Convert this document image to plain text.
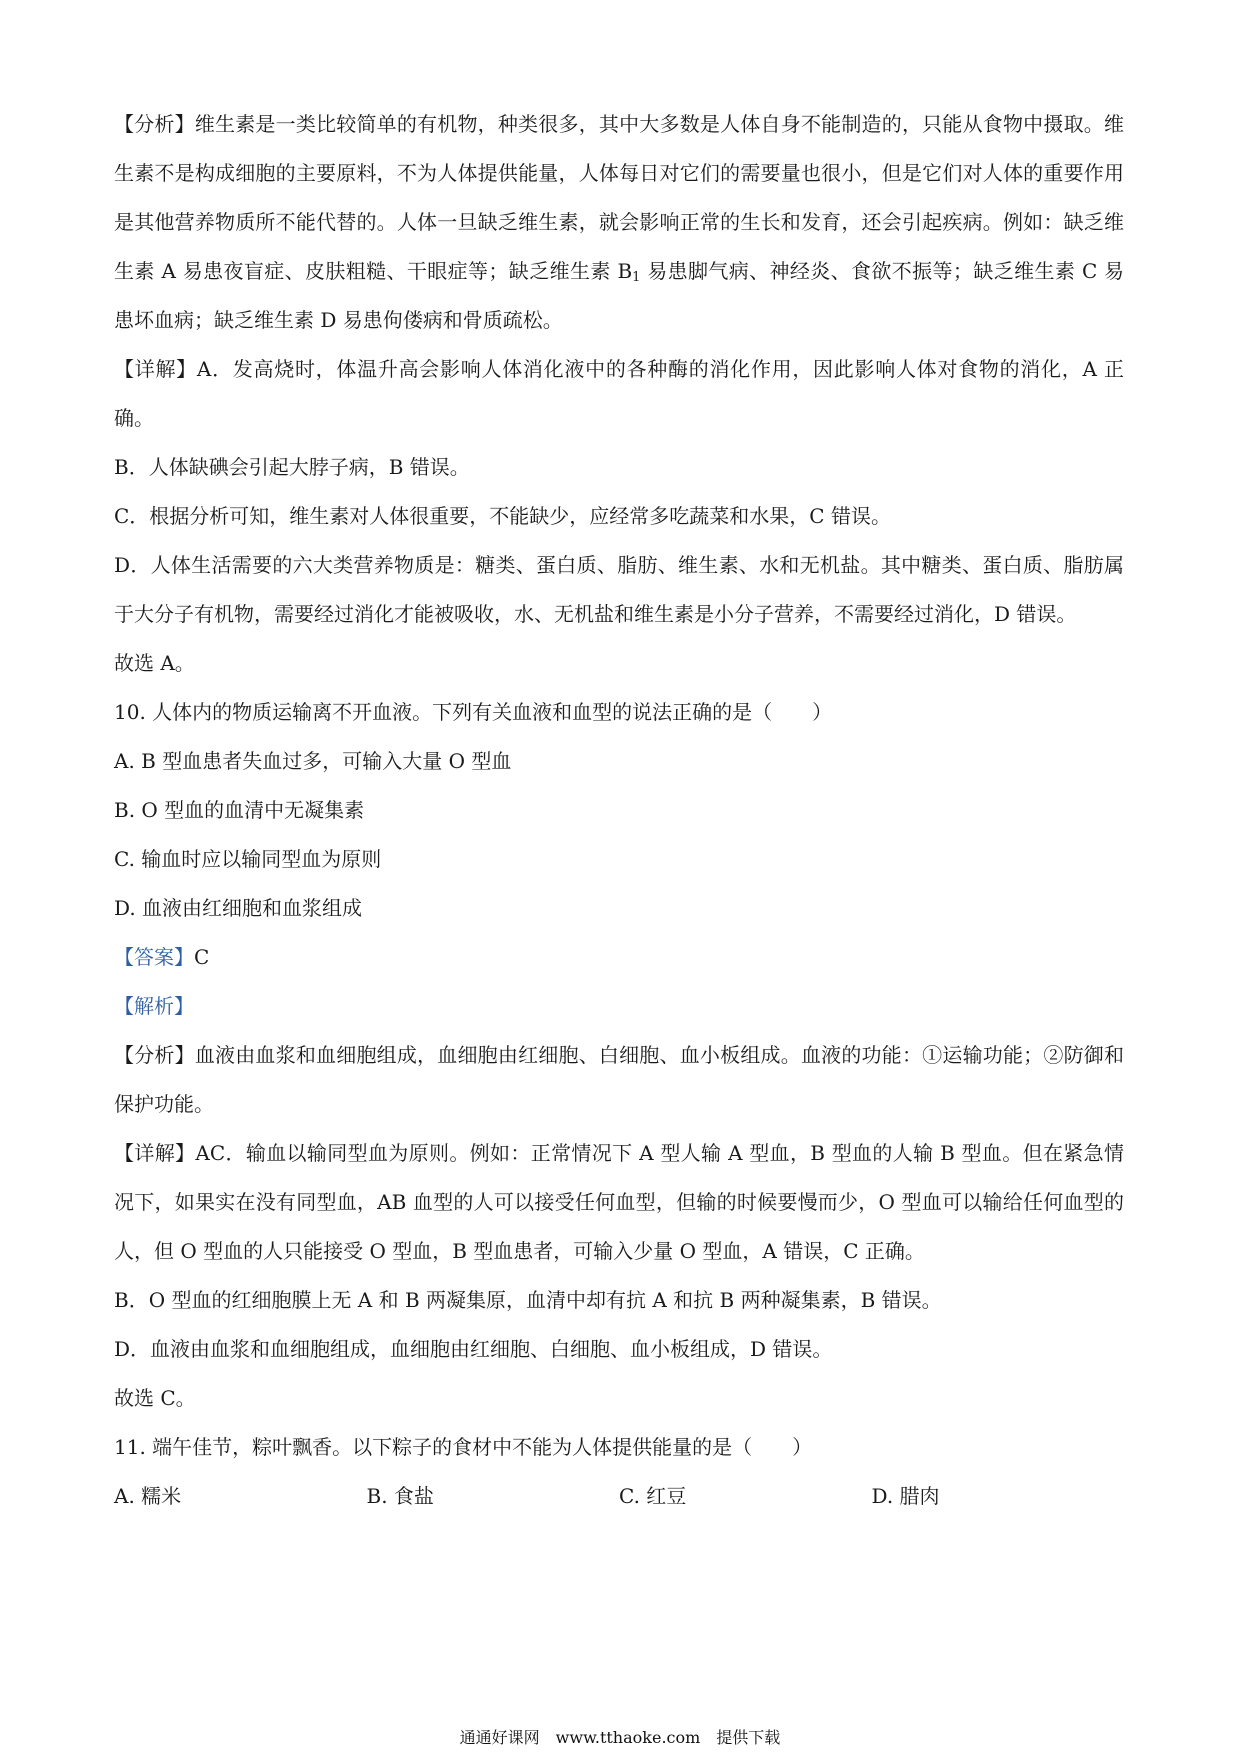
【分析】维生素是一类比较简单的有机物，种类很多，其中大多数是人体自身不能制造的，只能从食物中摄取。维生素不是构成细胞的主要原料，不为人体提供能量，人体每日对它们的需要量也很小，但是它们对人体的重要作用是其他营养物质所不能代替的。人体一旦缺乏维生素，就会影响正常的生长和发育，还会引起疾病。例如：缺乏维生素 A 易患夜盲症、皮肤粗糙、干眼症等；缺乏维生素 $B_1$ 易患脚气病、神经炎、食欲不振等；缺乏维生素 C 易患坏血病；缺乏维生素 D 易患佝偻病和骨质疏松。

【详解】A．发高烧时，体温升高会影响人体消化液中的各种酶的消化作用，因此影响人体对食物的消化，A 正确。

B．人体缺碘会引起大脖子病，B 错误。

C．根据分析可知，维生素对人体很重要，不能缺少，应经常多吃蔬菜和水果，C 错误。

D．人体生活需要的六大类营养物质是：糖类、蛋白质、脂肪、维生素、水和无机盐。其中糖类、蛋白质、脂肪属于大分子有机物，需要经过消化才能被吸收，水、无机盐和维生素是小分子营养，不需要经过消化，D 错误。

故选 A。

10. 人体内的物质运输离不开血液。下列有关血液和血型的说法正确的是（　　）

A. B 型血患者失血过多，可输入大量 O 型血

B. O 型血的血清中无凝集素

C. 输血时应以输同型血为原则

D. 血液由红细胞和血浆组成

【答案】C

【解析】

【分析】血液由血浆和血细胞组成，血细胞由红细胞、白细胞、血小板组成。血液的功能：①运输功能；②防御和保护功能。

【详解】AC．输血以输同型血为原则。例如：正常情况下 A 型人输 A 型血，B 型血的人输 B 型血。但在紧急情况下，如果实在没有同型血，AB 血型的人可以接受任何血型，但输的时候要慢而少，O 型血可以输给任何血型的人，但 O 型血的人只能接受 O 型血，B 型血患者，可输入少量 O 型血，A 错误，C 正确。

B．O 型血的红细胞膜上无 A 和 B 两凝集原，血清中却有抗 A 和抗 B 两种凝集素，B 错误。

D．血液由血浆和血细胞组成，血细胞由红细胞、白细胞、血小板组成，D 错误。

故选 C。

11. 端午佳节，粽叶飘香。以下粽子的食材中不能为人体提供能量的是（　　）

A. 糯米	B. 食盐	C. 红豆	D. 腊肉
通通好课网　www.tthaoke.com　提供下载
